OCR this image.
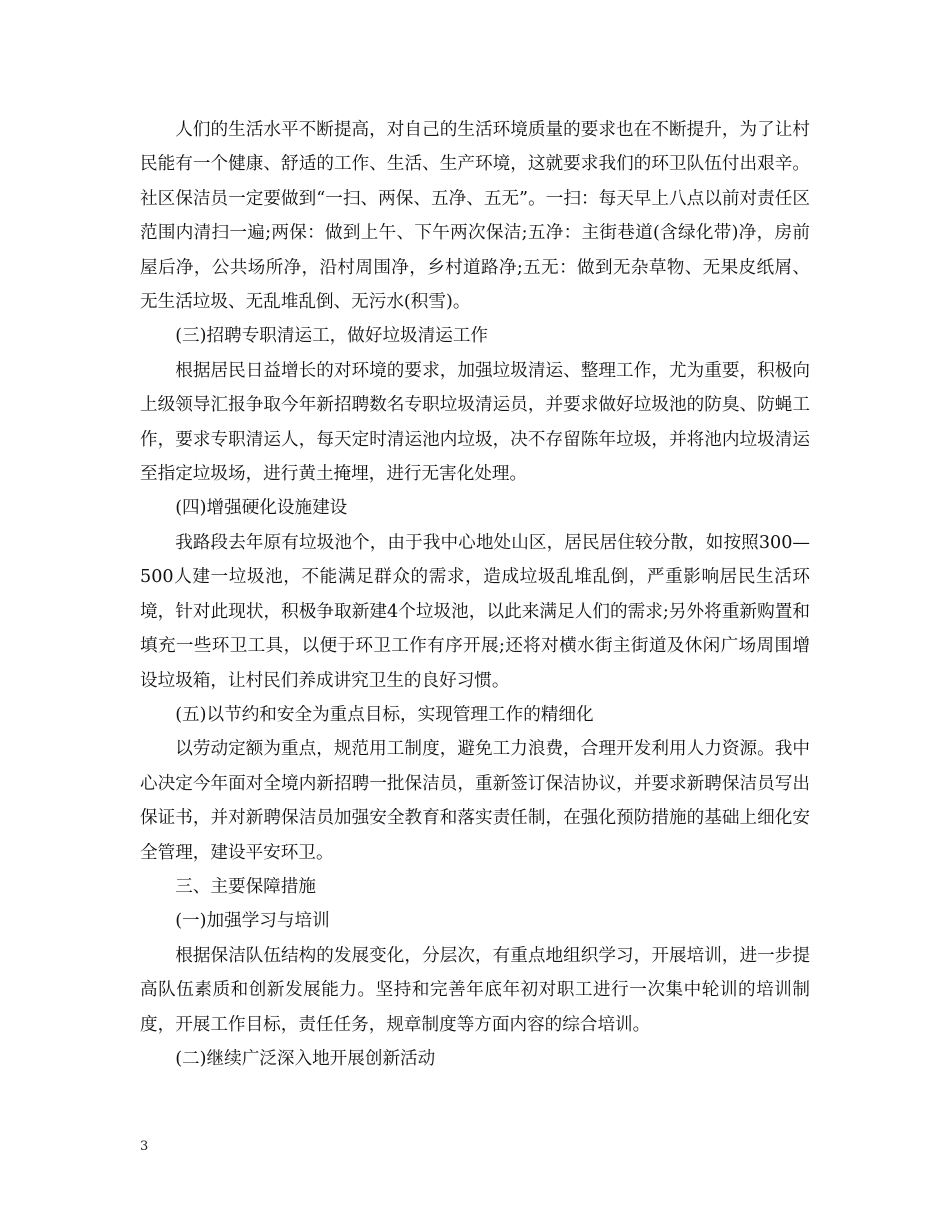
人们的生活水平不断提高，对自己的生活环境质量的要求也在不断提升，为了让村民能有一个健康、舒适的工作、生活、生产环境，这就要求我们的环卫队伍付出艰辛。社区保洁员一定要做到“一扫、两保、五净、五无”。一扫：每天早上八点以前对责任区范围内清扫一遍;两保：做到上午、下午两次保洁;五净：主街巷道(含绿化带)净，房前屋后净，公共场所净，沿村周围净，乡村道路净;五无：做到无杂草物、无果皮纸屑、无生活垃圾、无乱堆乱倒、无污水(积雪)。

(三)招聘专职清运工，做好垃圾清运工作

根据居民日益增长的对环境的要求，加强垃圾清运、整理工作，尤为重要，积极向上级领导汇报争取今年新招聘数名专职垃圾清运员，并要求做好垃圾池的防臭、防蝇工作，要求专职清运人，每天定时清运池内垃圾，决不存留陈年垃圾，并将池内垃圾清运至指定垃圾场，进行黄土掩埋，进行无害化处理。

(四)增强硬化设施建设

我路段去年原有垃圾池个，由于我中心地处山区，居民居住较分散，如按照300—500人建一垃圾池，不能满足群众的需求，造成垃圾乱堆乱倒，严重影响居民生活环境，针对此现状，积极争取新建4个垃圾池，以此来满足人们的需求;另外将重新购置和填充一些环卫工具，以便于环卫工作有序开展;还将对横水街主街道及休闲广场周围增设垃圾箱，让村民们养成讲究卫生的良好习惯。

(五)以节约和安全为重点目标，实现管理工作的精细化

以劳动定额为重点，规范用工制度，避免工力浪费，合理开发利用人力资源。我中心决定今年面对全境内新招聘一批保洁员，重新签订保洁协议，并要求新聘保洁员写出保证书，并对新聘保洁员加强安全教育和落实责任制，在强化预防措施的基础上细化安全管理，建设平安环卫。

三、主要保障措施

(一)加强学习与培训

根据保洁队伍结构的发展变化，分层次，有重点地组织学习，开展培训，进一步提高队伍素质和创新发展能力。坚持和完善年底年初对职工进行一次集中轮训的培训制度，开展工作目标，责任任务，规章制度等方面内容的综合培训。

(二)继续广泛深入地开展创新活动

3
